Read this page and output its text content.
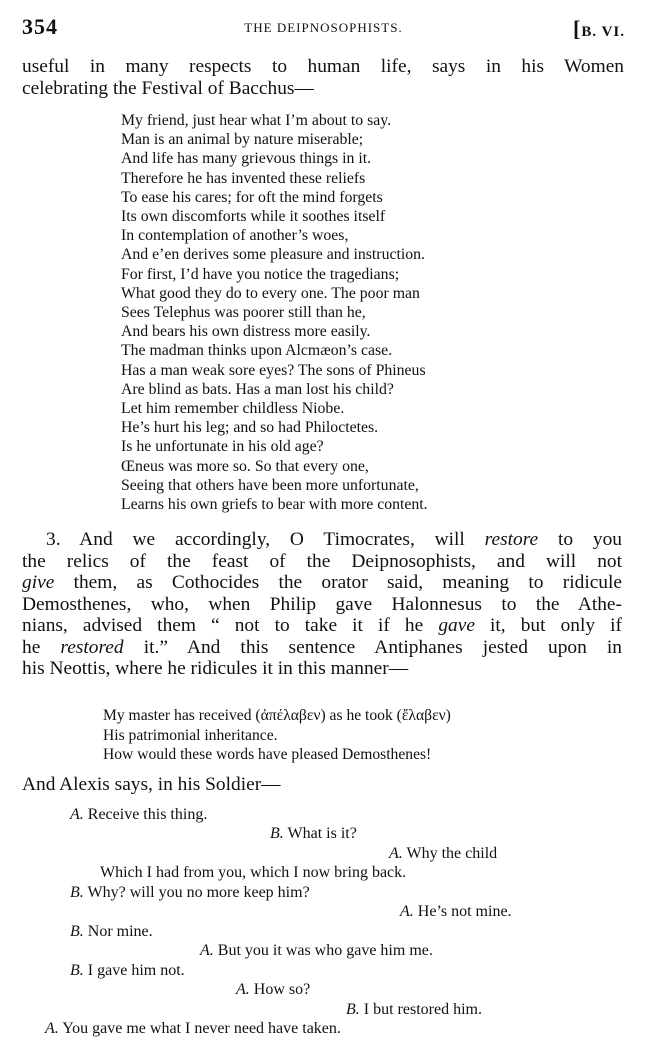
354	THE DEIPNOSOPHISTS.	[B. VI.
useful in many respects to human life, says in his Women
celebrating the Festival of Bacchus—
My friend, just hear what I’m about to say.
Man is an animal by nature miserable;
And life has many grievous things in it.
Therefore he has invented these reliefs
To ease his cares; for oft the mind forgets
Its own discomforts while it soothes itself
In contemplation of another’s woes,
And e’en derives some pleasure and instruction.
For first, I’d have you notice the tragedians;
What good they do to every one. The poor man
Sees Telephus was poorer still than he,
And bears his own distress more easily.
The madman thinks upon Alcmæon’s case.
Has a man weak sore eyes? The sons of Phineus
Are blind as bats. Has a man lost his child?
Let him remember childless Niobe.
He’s hurt his leg; and so had Philoctetes.
Is he unfortunate in his old age?
Œneus was more so. So that every one,
Seeing that others have been more unfortunate,
Learns his own griefs to bear with more content.
3. And we accordingly, O Timocrates, will restore to you
the relics of the feast of the Deipnosophists, and will not
give them, as Cothocides the orator said, meaning to ridicule
Demosthenes, who, when Philip gave Halonnesus to the Athe-
nians, advised them “ not to take it if he gave it, but only if
he restored it.” And this sentence Antiphanes jested upon in
his Neottis, where he ridicules it in this manner—
My master has received (ἀπέλαβεν) as he took (ἔλαβεν)
His patrimonial inheritance.
How would these words have pleased Demosthenes!
And Alexis says, in his Soldier—
A. Receive this thing.
B. What is it?
A. Why the child
Which I had from you, which I now bring back.
B. Why? will you no more keep him?
A. He’s not mine.
B. Nor mine.
A. But you it was who gave him me.
B. I gave him not.
A. How so?
B. I but restored him.
A. You gave me what I never need have taken.
